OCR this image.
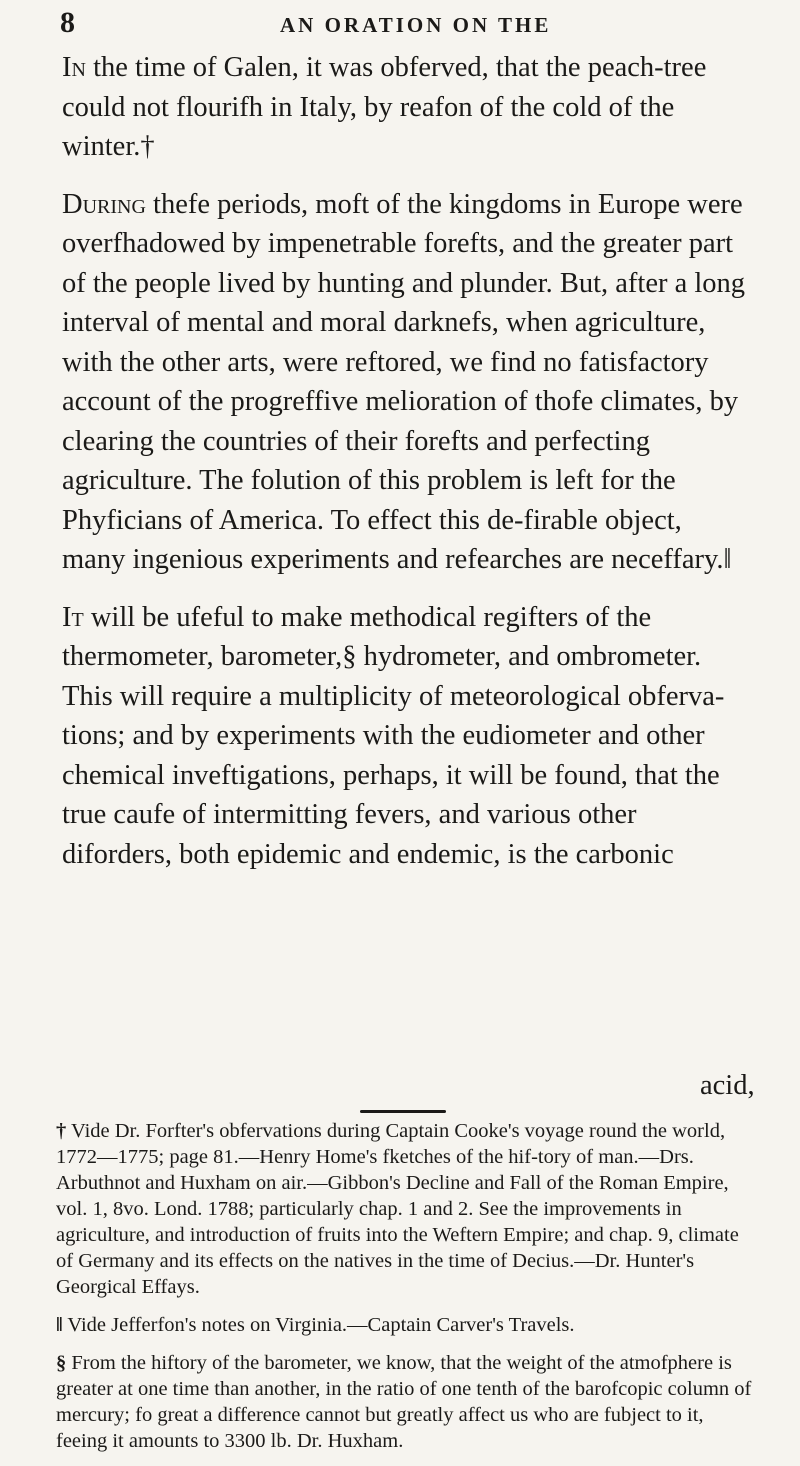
8	AN ORATION ON THE

In the time of Galen, it was obferved, that the peach-tree could not flourifh in Italy, by reafon of the cold of the winter.†

During thefe periods, moft of the kingdoms in Europe were overfhadowed by impenetrable forefts, and the greater part of the people lived by hunting and plunder. But, after a long interval of mental and moral darknefs, when agriculture, with the other arts, were reftored, we find no fatisfactory account of the progreffive melioration of thofe climates, by clearing the countries of their forefts and perfecting agriculture. The folution of this problem is left for the Phyficians of America. To effect this de-firable object, many ingenious experiments and refearches are neceffary.‖

It will be ufeful to make methodical regifters of the thermometer, barometer,§ hydrometer, and ombrometer. This will require a multiplicity of meteorological obferva-tions; and by experiments with the eudiometer and other chemical inveftigations, perhaps, it will be found, that the true caufe of intermitting fevers, and various other diforders, both epidemic and endemic, is the carbonic

acid,

† Vide Dr. Forfter's obfervations during Captain Cooke's voyage round the world, 1772—1775; page 81.—Henry Home's fketches of the hif-tory of man.—Drs. Arbuthnot and Huxham on air.—Gibbon's Decline and Fall of the Roman Empire, vol. 1, 8vo. Lond. 1788; particularly chap. 1 and 2. See the improvements in agriculture, and introduction of fruits into the Weftern Empire; and chap. 9, climate of Germany and its effects on the natives in the time of Decius.—Dr. Hunter's Georgical Effays.

‖ Vide Jefferfon's notes on Virginia.—Captain Carver's Travels.

§ From the hiftory of the barometer, we know, that the weight of the atmofphere is greater at one time than another, in the ratio of one tenth of the barofcopic column of mercury; fo great a difference cannot but greatly affect us who are fubject to it, feeing it amounts to 3300 lb. Dr. Huxham.
